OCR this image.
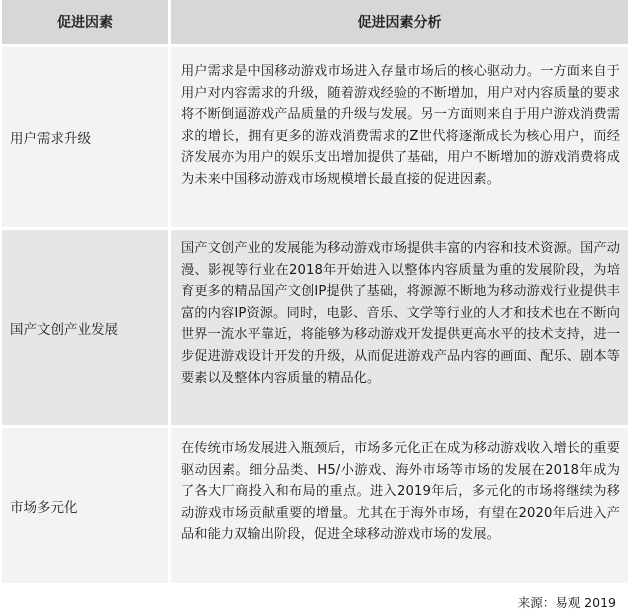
促进因素	促进因素分析
用户需求升级
用户需求是中国移动游戏市场进入存量市场后的核心驱动力。一方面来自于用户对内容需求的升级，随着游戏经验的不断增加，用户对内容质量的要求将不断倒逼游戏产品质量的升级与发展。另一方面则来自于用户游戏消费需求的增长，拥有更多的游戏消费需求的Z世代将逐渐成长为核心用户，而经济发展亦为用户的娱乐支出增加提供了基础，用户不断增加的游戏消费将成为未来中国移动游戏市场规模增长最直接的促进因素。
国产文创产业发展
国产文创产业的发展能为移动游戏市场提供丰富的内容和技术资源。国产动漫、影视等行业在2018年开始进入以整体内容质量为重的发展阶段，为培育更多的精品国产文创IP提供了基础，将源源不断地为移动游戏行业提供丰富的内容IP资源。同时，电影、音乐、文学等行业的人才和技术也在不断向世界一流水平靠近，将能够为移动游戏开发提供更高水平的技术支持，进一步促进游戏设计开发的升级，从而促进游戏产品内容的画面、配乐、剧本等要素以及整体内容质量的精品化。
市场多元化
在传统市场发展进入瓶颈后，市场多元化正在成为移动游戏收入增长的重要驱动因素。细分品类、H5/小游戏、海外市场等市场的发展在2018年成为了各大厂商投入和布局的重点。进入2019年后，多元化的市场将继续为移动游戏市场贡献重要的增量。尤其在于海外市场，有望在2020年后进入产品和能力双输出阶段，促进全球移动游戏市场的发展。
来源：易观 2019
